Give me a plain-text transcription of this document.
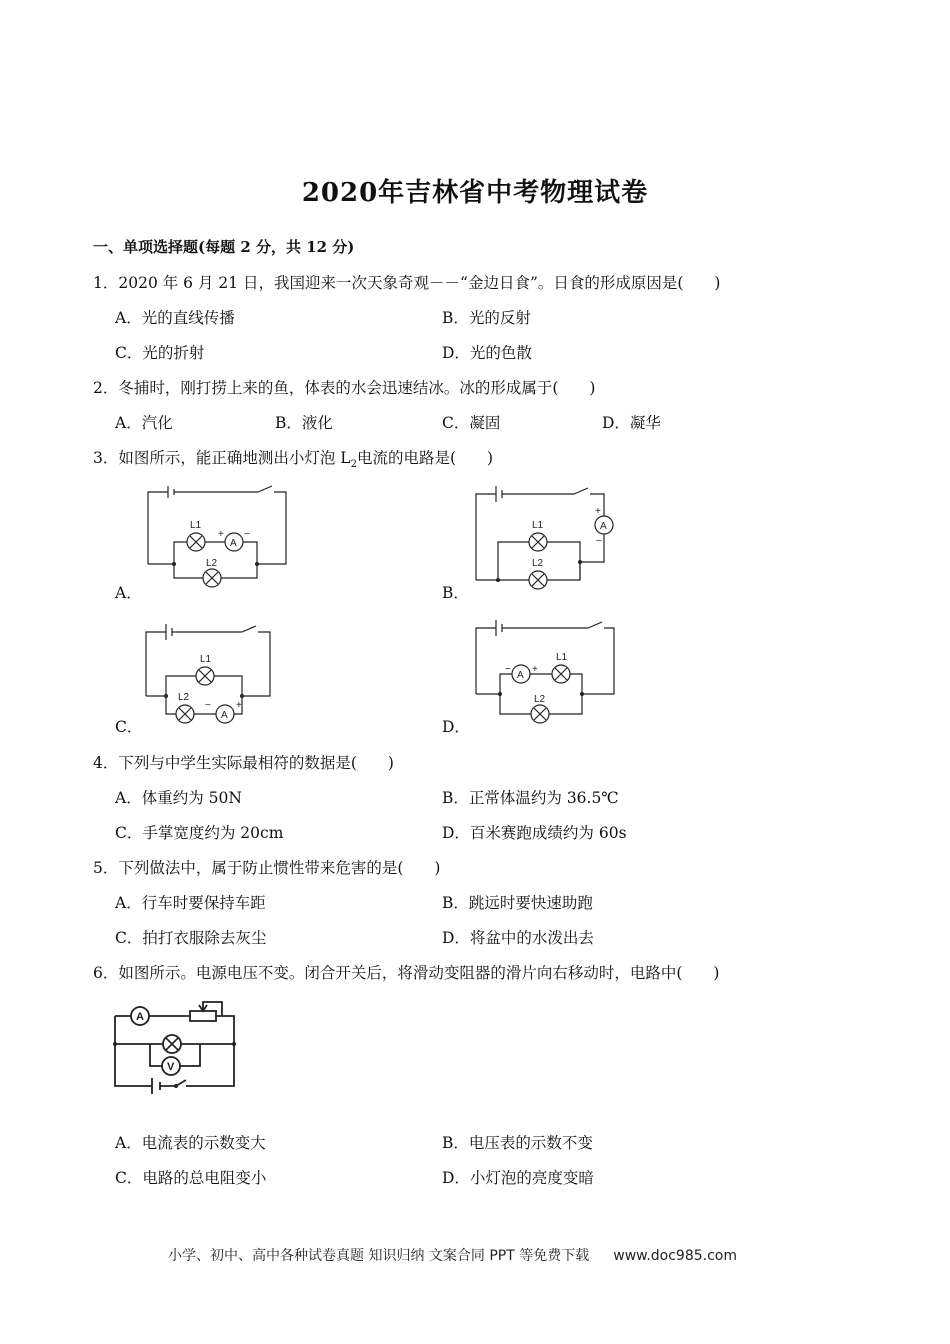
2020年吉林省中考物理试卷
一、单项选择题(每题 2 分，共 12 分)
1．2020 年 6 月 21 日，我国迎来一次天象奇观－－“金边日食”。日食的形成原因是(　　)
A．光的直线传播	B．光的反射
C．光的折射	D．光的色散
2．冬捕时，刚打捞上来的鱼，体表的水会迅速结冰。冰的形成属于(　　)
A．汽化	B．液化	C．凝固	D．凝华
3．如图所示，能正确地测出小灯泡 $L_2$电流的电路是(　　)
L1
A
+ −
L2
A．
A
+
−
L1
L2
B．
L1
L2
A
−	+
C．
A
− +
L1
L2
D．
4．下列与中学生实际最相符的数据是(　　)
A．体重约为 50N	B．正常体温约为 36.5℃
C．手掌宽度约为 20cm	D．百米赛跑成绩约为 60s
5．下列做法中，属于防止惯性带来危害的是(　　)
A．行车时要保持车距	B．跳远时要快速助跑
C．拍打衣服除去灰尘	D．将盆中的水泼出去
6．如图所示。电源电压不变。闭合开关后，将滑动变阻器的滑片向右移动时，电路中(　　)
A
V
A．电流表的示数变大	B．电压表的示数不变
C．电路的总电阻变小	D．小灯泡的亮度变暗
小学、初中、高中各种试卷真题 知识归纳 文案合同 PPT 等免费下载 www.doc985.com
